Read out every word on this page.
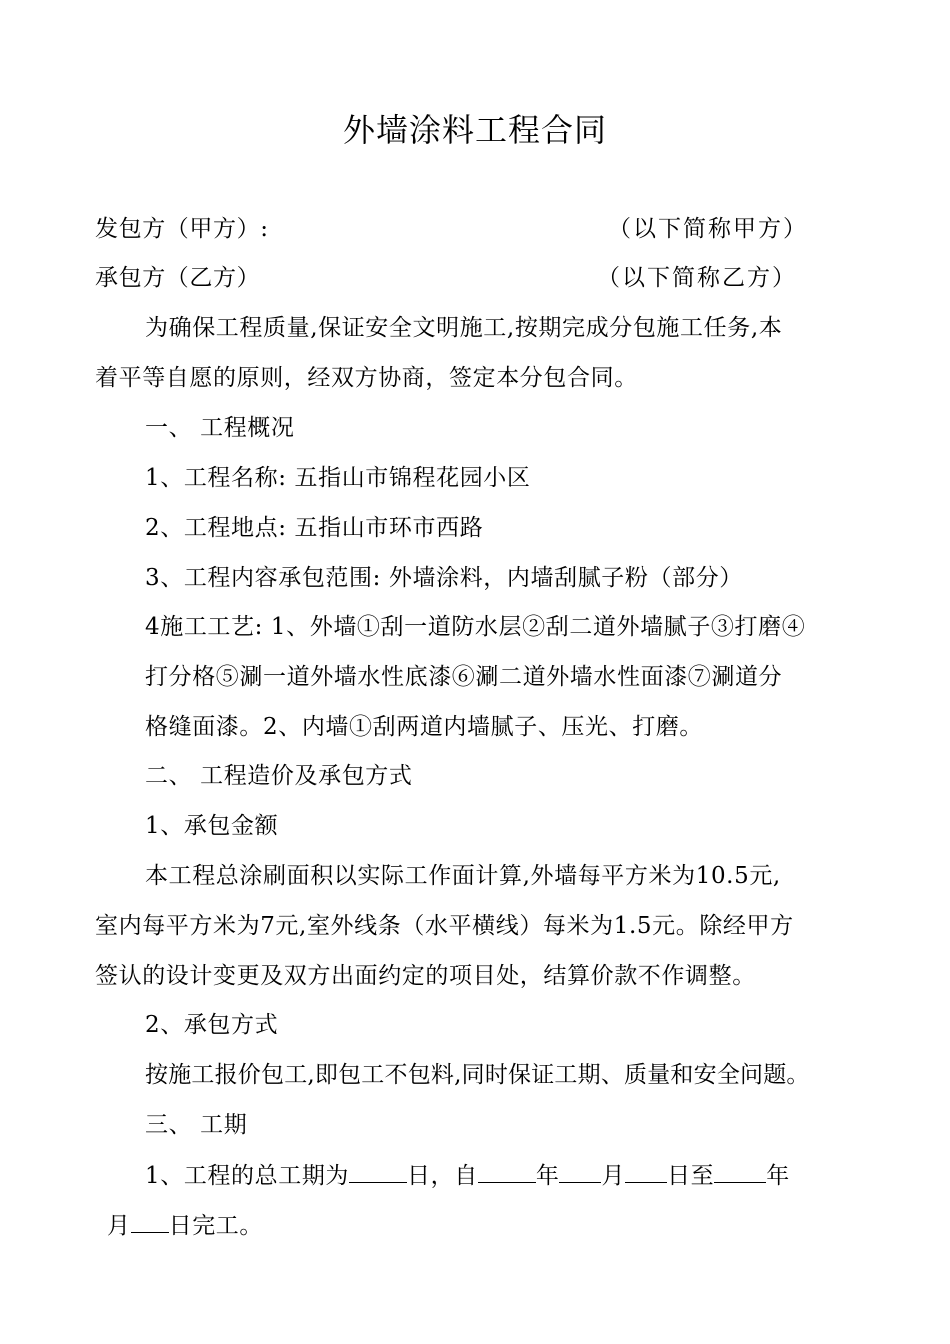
外墙涂料工程合同
发包方（甲方）:	（以下简称甲方）
承包方（乙方）	（以下简称乙方）
为确保工程质量,保证安全文明施工,按期完成分包施工任务,本
着平等自愿的原则，经双方协商，签定本分包合同。
一、 工程概况
1、工程名称: 五指山市锦程花园小区
2、工程地点: 五指山市环市西路
3、工程内容承包范围: 外墙涂料，内墙刮腻子粉（部分）
4施工工艺: 1、外墙①刮一道防水层②刮二道外墙腻子③打磨④
打分格⑤涮一道外墙水性底漆⑥涮二道外墙水性面漆⑦涮道分
格缝面漆。2、内墙①刮两道内墙腻子、压光、打磨。
二、 工程造价及承包方式
1、承包金额
本工程总涂刷面积以实际工作面计算,外墙每平方米为10.5元,
室内每平方米为7元,室外线条（水平横线）每米为1.5元。除经甲方
签认的设计变更及双方出面约定的项目处，结算价款不作调整。
2、承包方式
按施工报价包工,即包工不包料,同时保证工期、质量和安全问题。
三、 工期
1、工程的总工期为	日，自	年 月 日至 年
月 日完工。
